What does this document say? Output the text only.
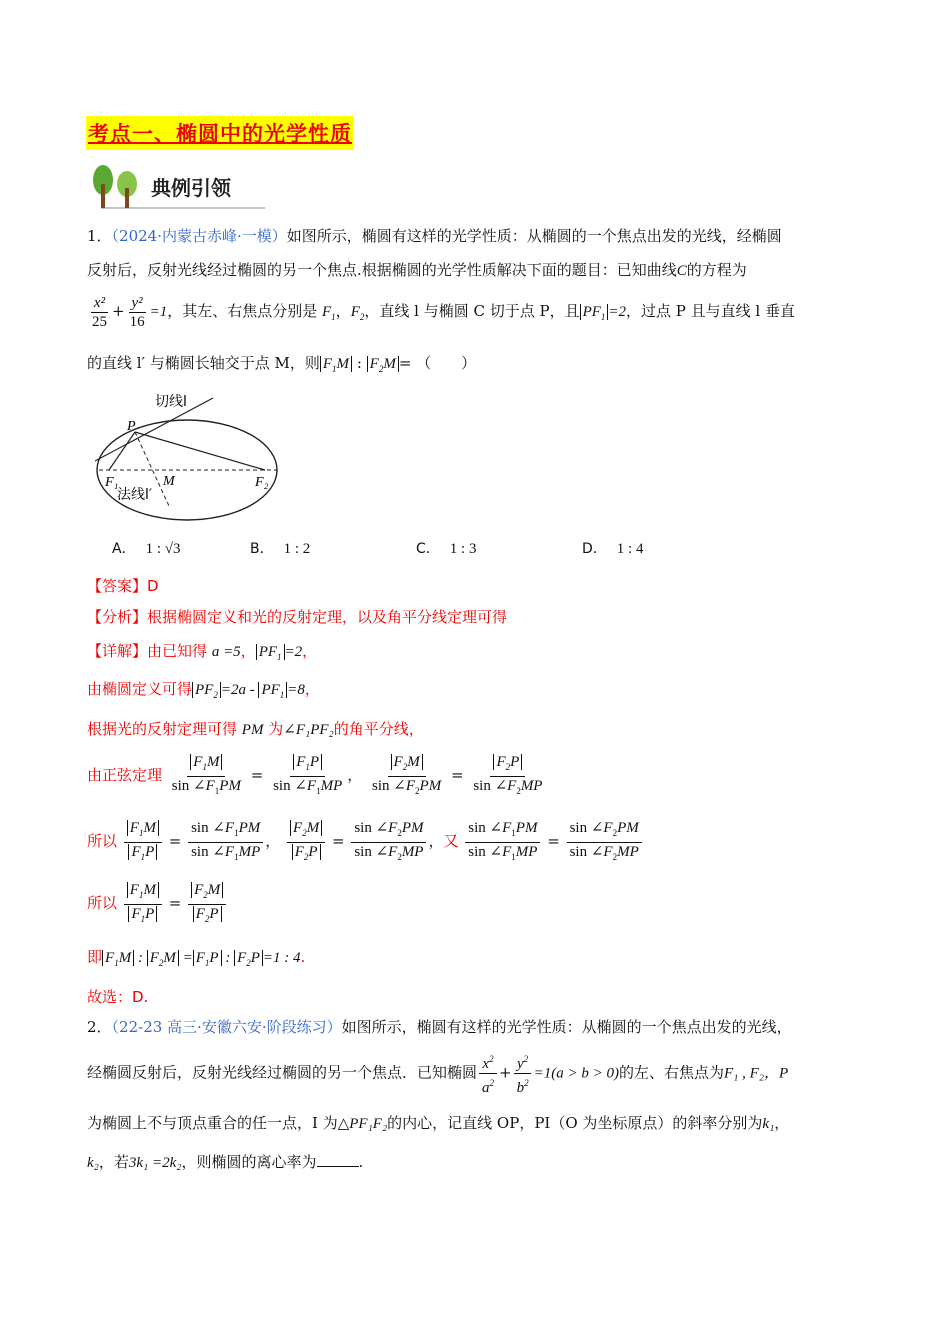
考点一、椭圆中的光学性质
典例引领
1．（2024·内蒙古赤峰·一模）如图所示，椭圆有这样的光学性质：从椭圆的一个焦点出发的光线，经椭圆
反射后，反射光线经过椭圆的另一个焦点.根据椭圆的光学性质解决下面的题目：已知曲线C的方程为
$\frac{\text{x²}}{25} + \frac{\text{y²}}{16} =1$，其左、右焦点分别是 $F_1$，$F_2$，直线 l 与椭圆 C 切于点 P，且 $PF_1 =2$，过点 P 且与直线 l 垂直
的直线 l′ 与椭圆长轴交于点 M，则 $F_1M$ : $F_2M$ = （　　）
切线l
P
F₁	M	F₂
法线l′
A． 1 : √3	B． 1 : 2	C． 1 : 3	D． 1 : 4
【答案】D
【分析】根据椭圆定义和光的反射定理，以及角平分线定理可得
【详解】由已知得 a =5， $PF_1 =2$，
由椭圆定义可得 $PF_2 =2a - PF_1 =8$，
根据光的反射定理可得 PM 为∠F₁PF₂的角平分线，
由正弦定理 $\frac{F_1M}{\sin \angle F_1PM} = \frac{F_1P}{\sin \angle F_1MP}$ ， $\frac{F_2M}{\sin \angle F_2PM} = \frac{F_2P}{\sin \angle F_2MP}$
所以 $\frac{F_1M}{F_1P} = \frac{\sin \angle F_1PM}{\sin \angle F_1MP}$ ， $\frac{F_2M}{F_2P} = \frac{\sin \angle F_2PM}{\sin \angle F_2MP}$ ，又 $\frac{\sin \angle F_1PM}{\sin \angle F_1MP} = \frac{\sin \angle F_2PM}{\sin \angle F_2MP}$
所以 $\frac{F_1M}{F_1P} = \frac{F_2M}{F_2P}$
即 $F_1M$ : $F_2M = F_1P$ : $F_2P =1$ : 4.
故选：D.
2．（22-23 高三·安徽六安·阶段练习）如图所示，椭圆有这样的光学性质：从椭圆的一个焦点出发的光线，
经椭圆反射后，反射光线经过椭圆的另一个焦点．已知椭圆 $\frac{x^2}{a^2} + \frac{y^2}{b^2} =1(a > b > 0)$的左、右焦点为F₁ , F₂，P
为椭圆上不与顶点重合的任一点，I 为△PF₁F₂的内心，记直线 OP，PI（O 为坐标原点）的斜率分别为k₁，
k₂，若3k₁ =2k₂，则椭圆的离心率为	.
